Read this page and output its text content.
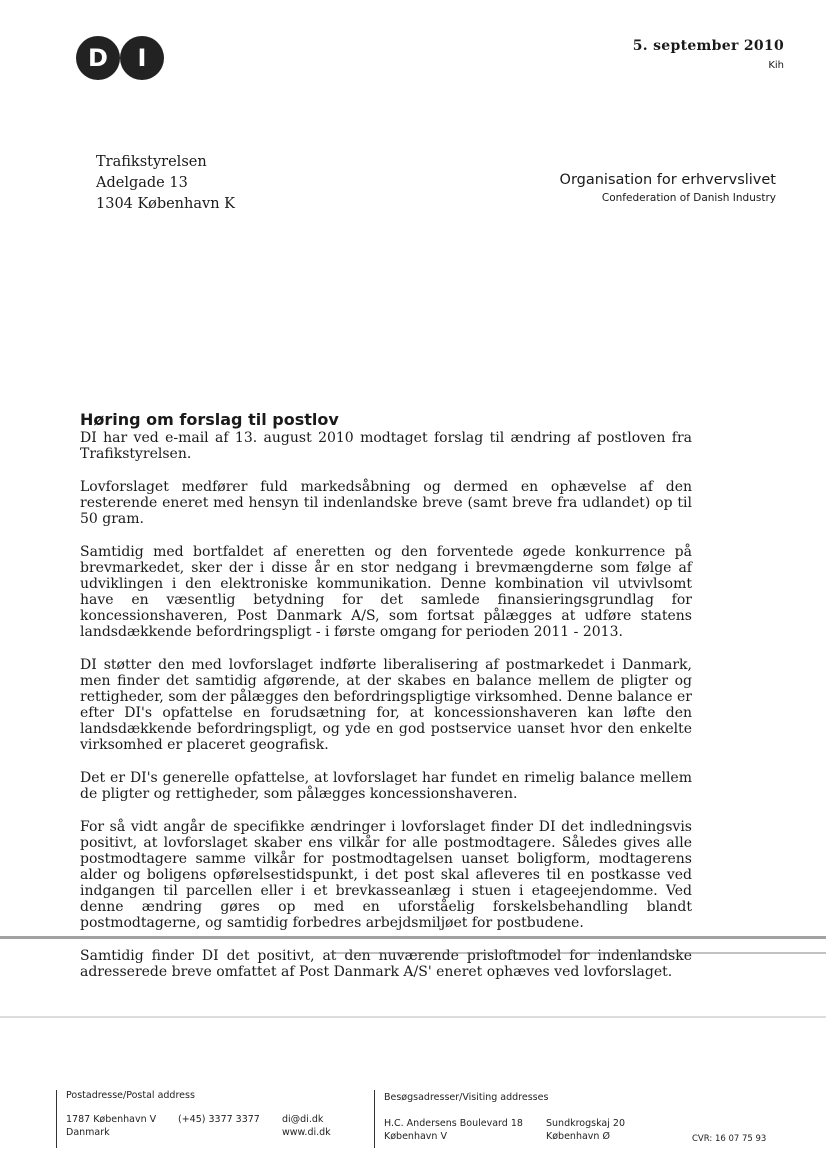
D	I	5. september 2010
Kih
Trafikstyrelsen
Adelgade 13
1304 København K
Organisation for erhvervslivet
Confederation of Danish Industry
Høring om forslag til postlov

DI har ved e-mail af 13. august 2010 modtaget forslag til ændring af postloven fra Trafikstyrelsen.

Lovforslaget medfører fuld markedsåbning og dermed en ophævelse af den resterende eneret med hensyn til indenlandske breve (samt breve fra udlandet) op til 50 gram.

Samtidig med bortfaldet af eneretten og den forventede øgede konkurrence på brevmarkedet, sker der i disse år en stor nedgang i brevmængderne som følge af udviklingen i den elektroniske kommunikation. Denne kombination vil utvivlsomt have en væsentlig betydning for det samlede finansieringsgrundlag for koncessionshaveren, Post Danmark A/S, som fortsat pålægges at udføre statens landsdækkende befordringspligt - i første omgang for perioden 2011 - 2013.

DI støtter den med lovforslaget indførte liberalisering af postmarkedet i Danmark, men finder det samtidig afgørende, at der skabes en balance mellem de pligter og rettigheder, som der pålægges den befordringspligtige virksomhed. Denne balance er efter DI's opfattelse en forudsætning for, at koncessionshaveren kan løfte den landsdækkende befordringspligt, og yde en god postservice uanset hvor den enkelte virksomhed er placeret geografisk.

Det er DI's generelle opfattelse, at lovforslaget har fundet en rimelig balance mellem de pligter og rettigheder, som pålægges koncessionshaveren.

For så vidt angår de specifikke ændringer i lovforslaget finder DI det indledningsvis positivt, at lovforslaget skaber ens vilkår for alle postmodtagere. Således gives alle postmodtagere samme vilkår for postmodtagelsen uanset boligform, modtagerens alder og boligens opførelsestidspunkt, i det post skal afleveres til en postkasse ved indgangen til parcellen eller i et brevkasseanlæg i stuen i etageejendomme. Ved denne ændring gøres op med en uforståelig forskelsbehandling blandt postmodtagerne, og samtidig forbedres arbejdsmiljøet for postbudene.

Samtidig finder DI det positivt, at den nuværende prisloftmodel for indenlandske adresserede breve omfattet af Post Danmark A/S' eneret ophæves ved lovforslaget.

Postadresse/Postal address
1787 København V
Danmark
(+45) 3377 3377 di@di.dk
www.di.dk
Besøgsadresser/Visiting addresses
H.C. Andersens Boulevard 18
København V
Sundkrogskaj 20
København Ø	CVR: 16 07 75 93
